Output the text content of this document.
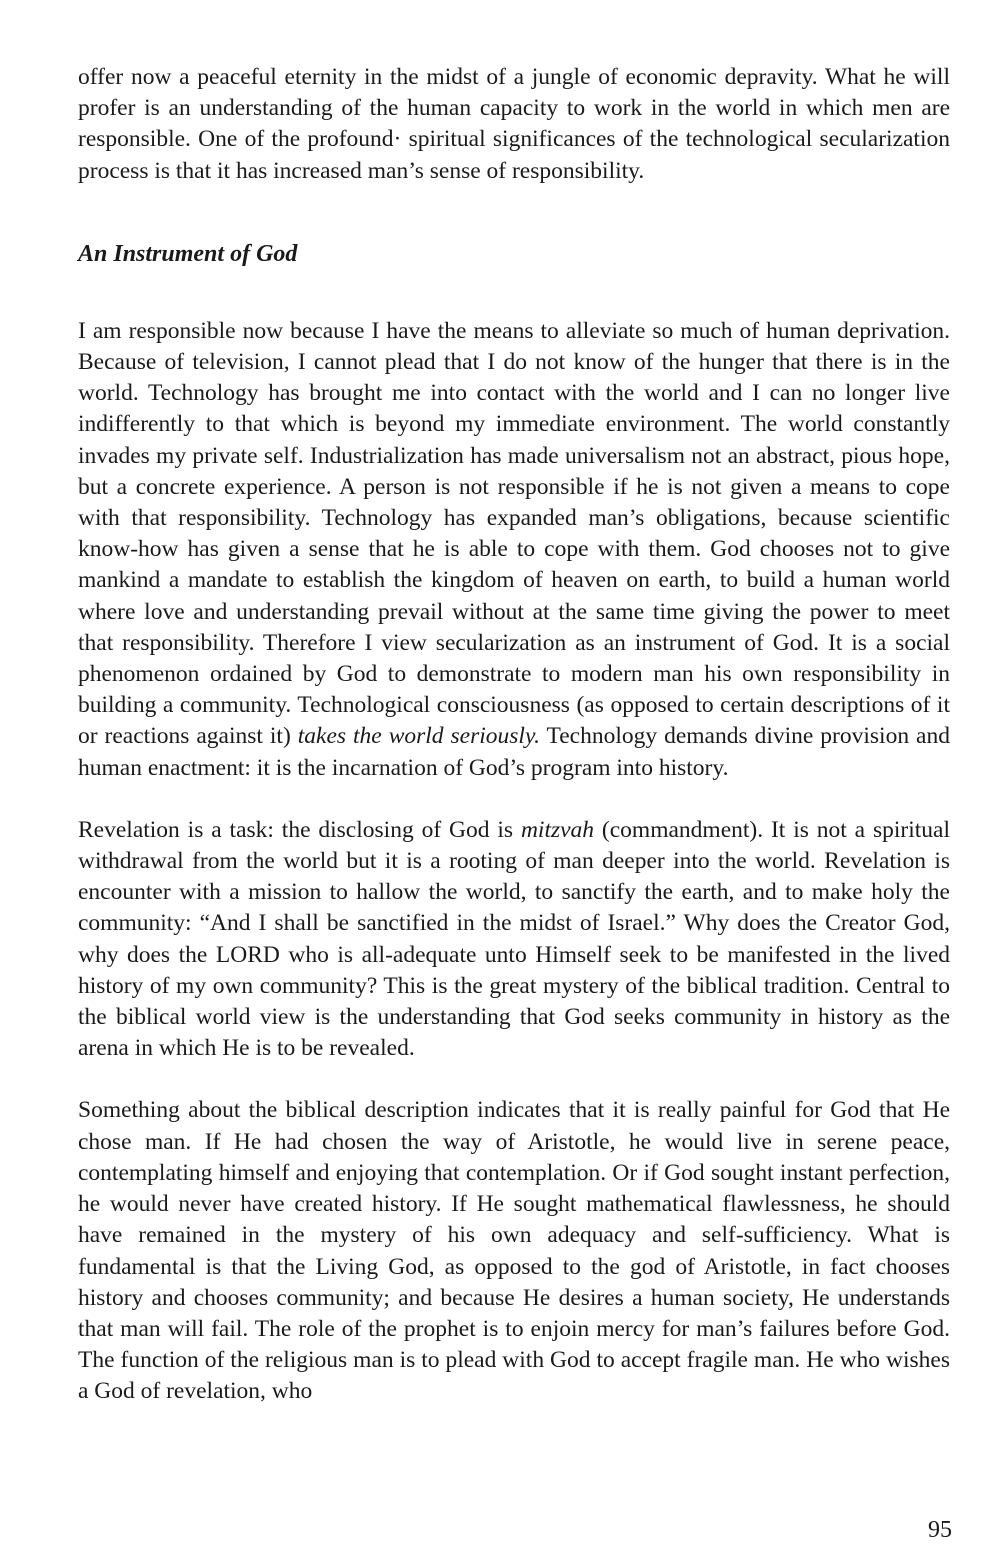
offer now a peaceful eternity in the midst of a jungle of economic depravity. What he will profer is an understanding of the human capacity to work in the world in which men are responsible. One of the profound· spiritual significances of the technological secularization process is that it has increased man’s sense of responsibility.

An Instrument of God

I am responsible now because I have the means to alleviate so much of human deprivation. Because of television, I cannot plead that I do not know of the hunger that there is in the world. Technology has brought me into contact with the world and I can no longer live indifferently to that which is beyond my immediate environment. The world constantly invades my private self. Industrialization has made universalism not an abstract, pious hope, but a concrete experience. A person is not responsible if he is not given a means to cope with that responsibility. Technology has expanded man’s obligations, because scientific know-how has given a sense that he is able to cope with them. God chooses not to give mankind a mandate to establish the kingdom of heaven on earth, to build a human world where love and understanding prevail without at the same time giving the power to meet that responsibility. Therefore I view secularization as an instrument of God. It is a social phenomenon ordained by God to demonstrate to modern man his own responsibility in building a community. Technological consciousness (as opposed to certain descriptions of it or reactions against it) takes the world seriously. Technology demands divine provision and human enactment: it is the incarnation of God’s program into history.

Revelation is a task: the disclosing of God is mitzvah (commandment). It is not a spiritual withdrawal from the world but it is a rooting of man deeper into the world. Revelation is encounter with a mission to hallow the world, to sanctify the earth, and to make holy the community: “And I shall be sanctified in the midst of Israel.” Why does the Creator God, why does the LORD who is all-adequate unto Himself seek to be manifested in the lived history of my own community? This is the great mystery of the biblical tradition. Central to the biblical world view is the understanding that God seeks community in history as the arena in which He is to be revealed.

Something about the biblical description indicates that it is really painful for God that He chose man. If He had chosen the way of Aristotle, he would live in serene peace, contemplating himself and enjoying that contemplation. Or if God sought instant perfection, he would never have created history. If He sought mathematical flawlessness, he should have remained in the mystery of his own adequacy and self-sufficiency. What is fundamental is that the Living God, as opposed to the god of Aristotle, in fact chooses history and chooses community; and because He desires a human society, He understands that man will fail. The role of the prophet is to enjoin mercy for man’s failures before God. The function of the religious man is to plead with God to accept fragile man. He who wishes a God of revelation, who

95
